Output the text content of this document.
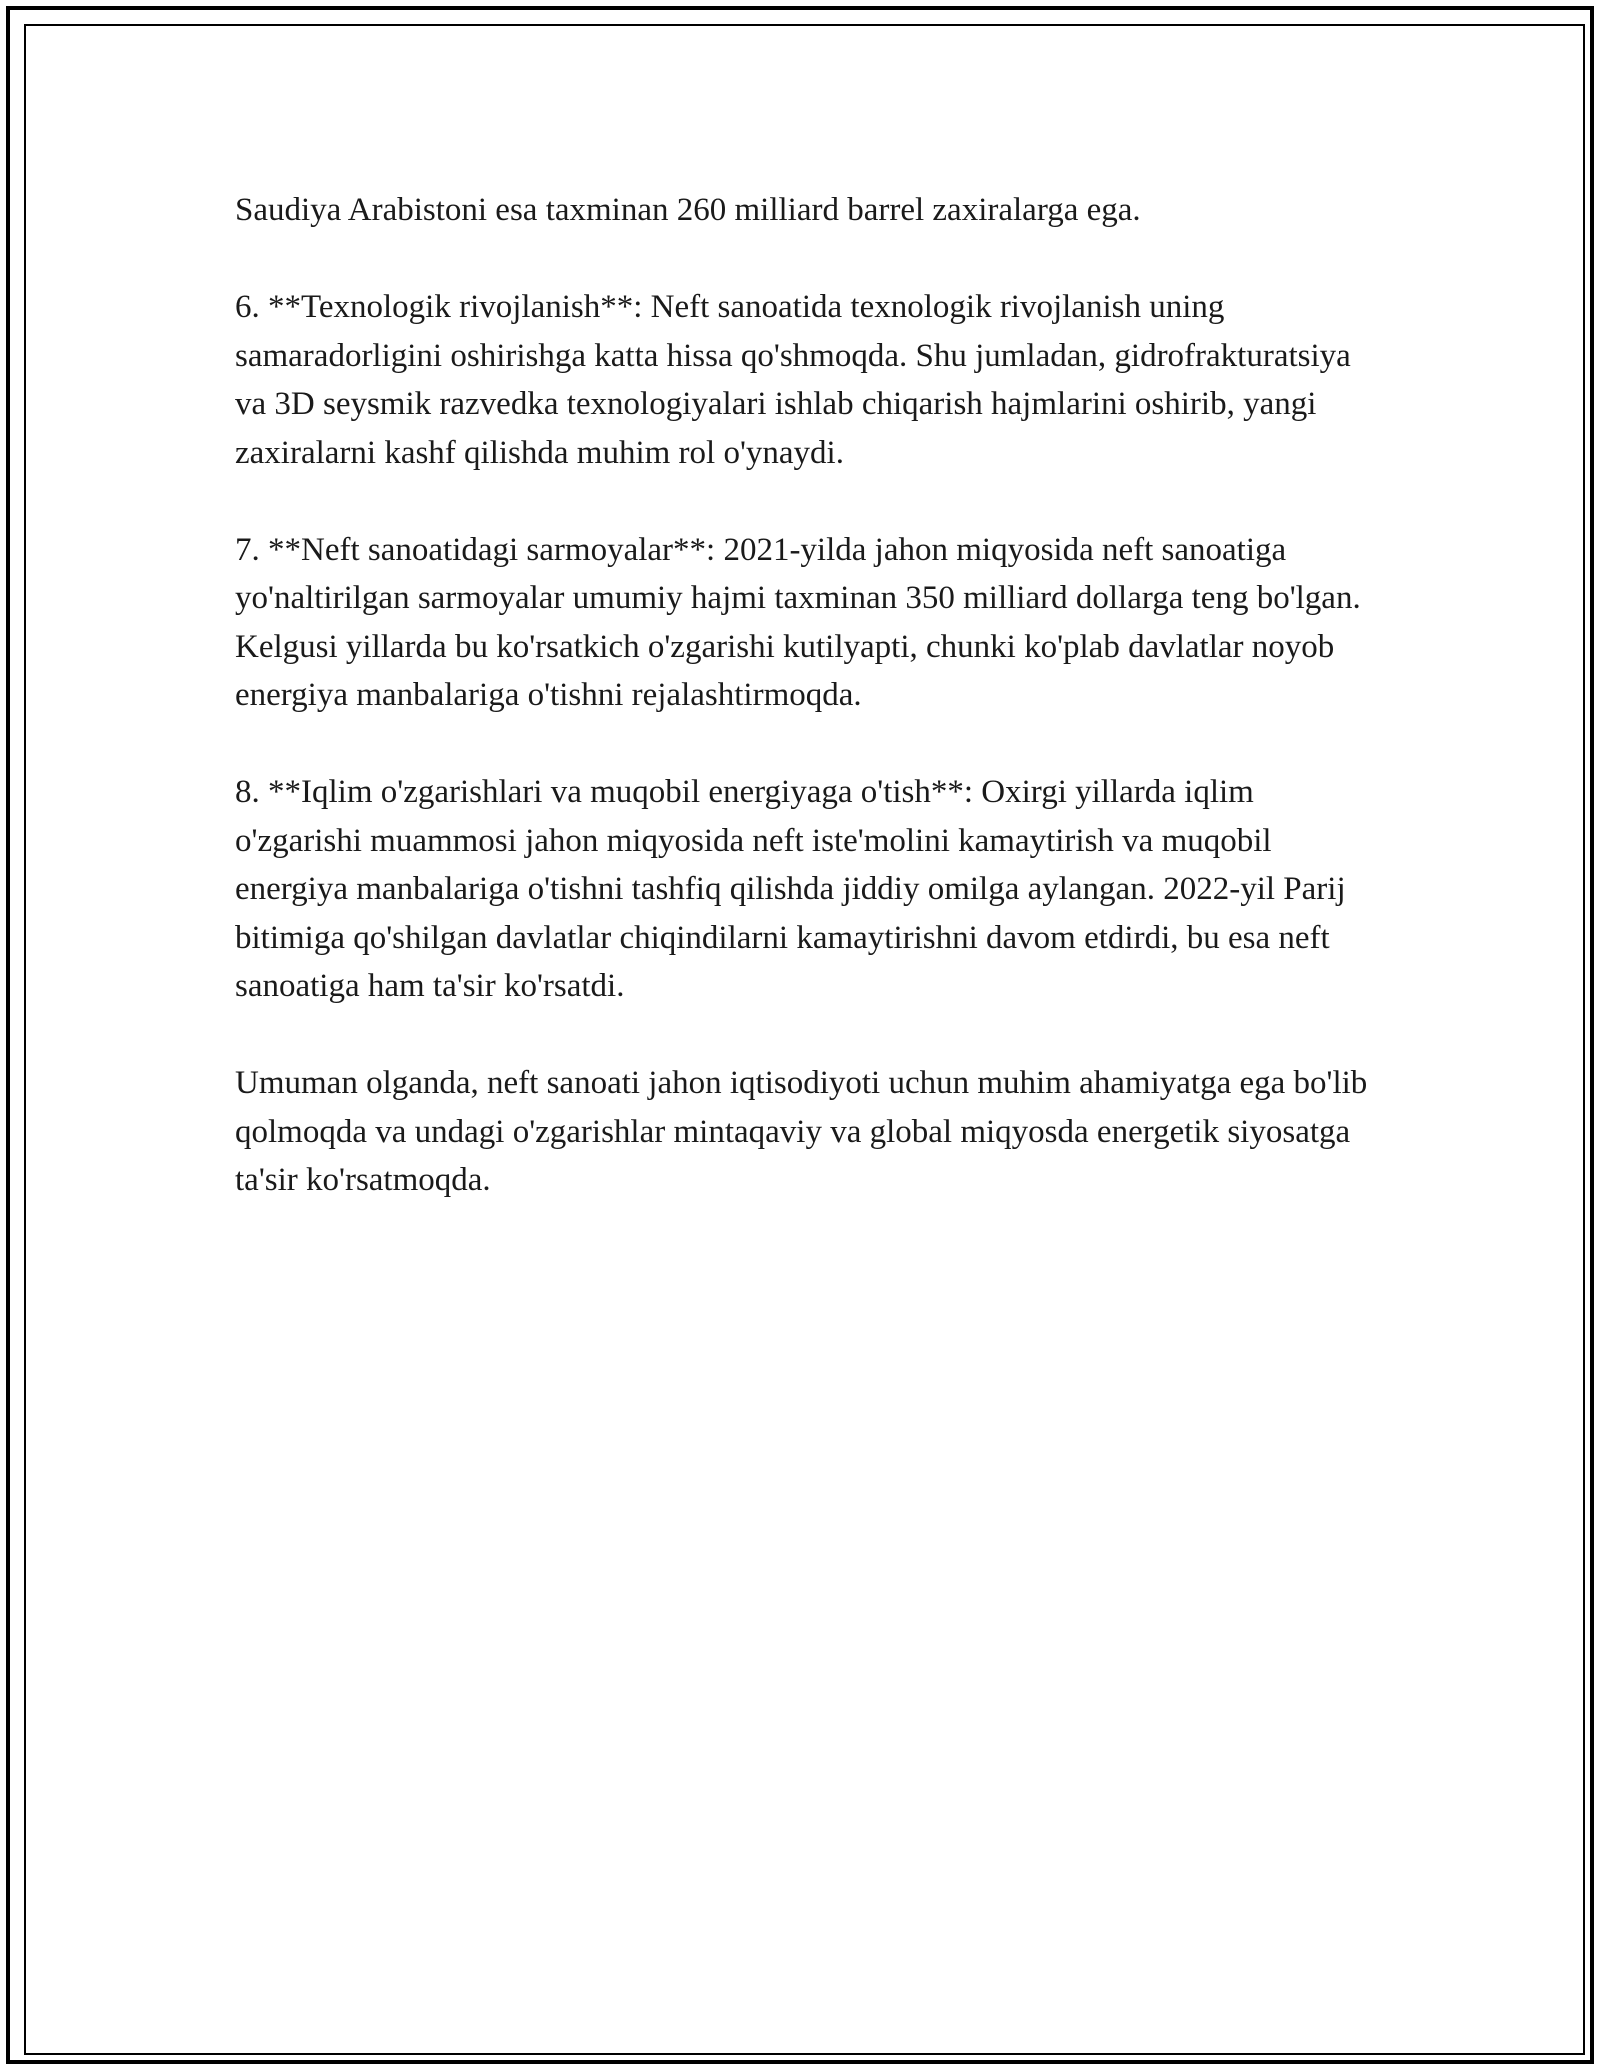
Saudiya Arabistoni esa taxminan 260 milliard barrel zaxiralarga ega.

6. **Texnologik rivojlanish**: Neft sanoatida texnologik rivojlanish uning samaradorligini oshirishga katta hissa qo'shmoqda. Shu jumladan, gidrofrakturatsiya va 3D seysmik razvedka texnologiyalari ishlab chiqarish hajmlarini oshirib, yangi zaxiralarni kashf qilishda muhim rol o'ynaydi.

7. **Neft sanoatidagi sarmoyalar**: 2021-yilda jahon miqyosida neft sanoatiga yo'naltirilgan sarmoyalar umumiy hajmi taxminan 350 milliard dollarga teng bo'lgan. Kelgusi yillarda bu ko'rsatkich o'zgarishi kutilyapti, chunki ko'plab davlatlar noyob energiya manbalariga o'tishni rejalashtirmoqda.

8. **Iqlim o'zgarishlari va muqobil energiyaga o'tish**: Oxirgi yillarda iqlim o'zgarishi muammosi jahon miqyosida neft iste'molini kamaytirish va muqobil energiya manbalariga o'tishni tashfiq qilishda jiddiy omilga aylangan. 2022-yil Parij bitimiga qo'shilgan davlatlar chiqindilarni kamaytirishni davom etdirdi, bu esa neft sanoatiga ham ta'sir ko'rsatdi.

Umuman olganda, neft sanoati jahon iqtisodiyoti uchun muhim ahamiyatga ega bo'lib qolmoqda va undagi o'zgarishlar mintaqaviy va global miqyosda energetik siyosatga ta'sir ko'rsatmoqda.
